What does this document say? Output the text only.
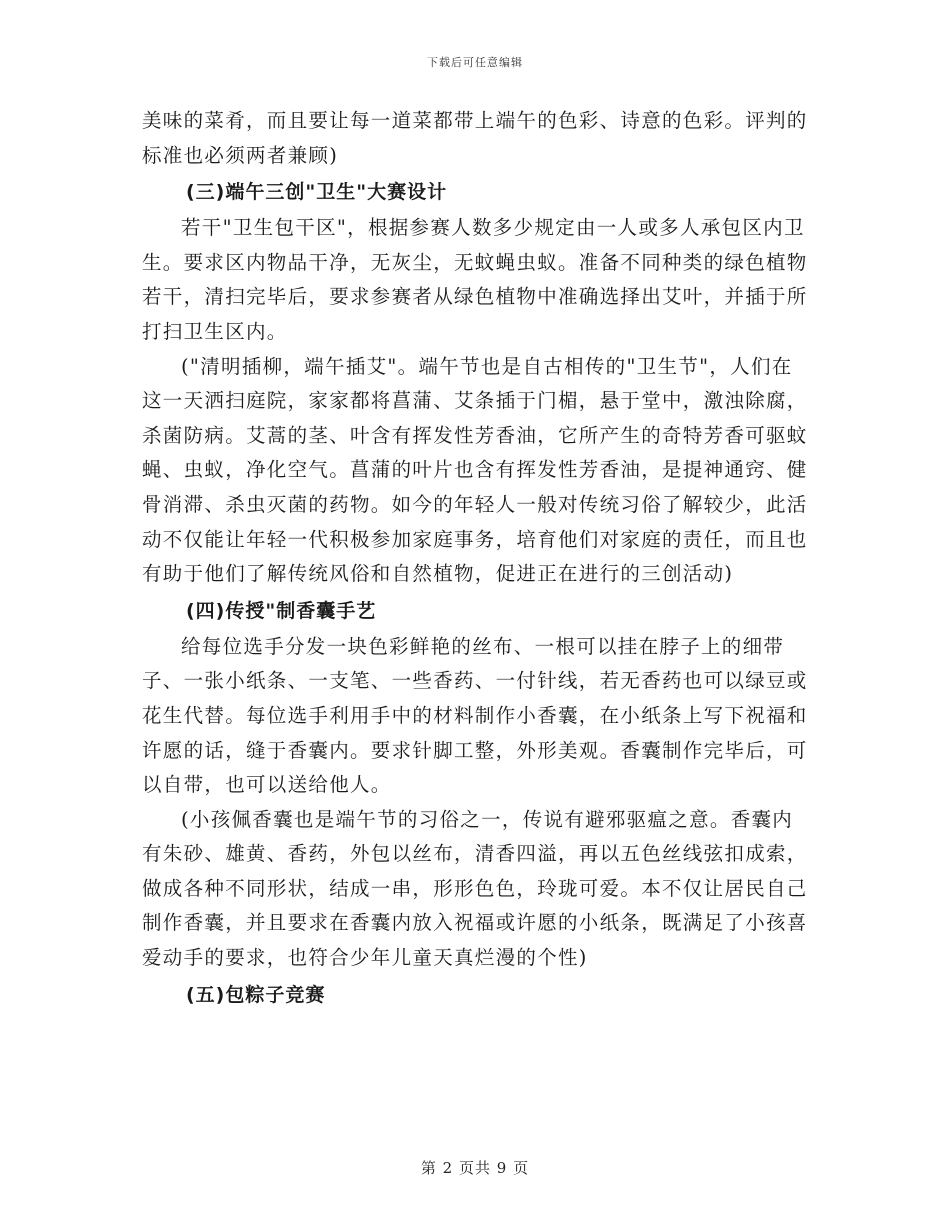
下载后可任意编辑

美味的菜肴，而且要让每一道菜都带上端午的色彩、诗意的色彩。评判的标准也必须两者兼顾)

(三)端午三创"卫生"大赛设计

若干"卫生包干区"，根据参赛人数多少规定由一人或多人承包区内卫生。要求区内物品干净，无灰尘，无蚊蝇虫蚁。准备不同种类的绿色植物若干，清扫完毕后，要求参赛者从绿色植物中准确选择出艾叶，并插于所打扫卫生区内。

("清明插柳，端午插艾"。端午节也是自古相传的"卫生节"，人们在这一天洒扫庭院，家家都将菖蒲、艾条插于门楣，悬于堂中，激浊除腐，杀菌防病。艾蒿的茎、叶含有挥发性芳香油，它所产生的奇特芳香可驱蚊蝇、虫蚁，净化空气。菖蒲的叶片也含有挥发性芳香油，是提神通窍、健骨消滞、杀虫灭菌的药物。如今的年轻人一般对传统习俗了解较少，此活动不仅能让年轻一代积极参加家庭事务，培育他们对家庭的责任，而且也有助于他们了解传统风俗和自然植物，促进正在进行的三创活动)

(四)传授"制香囊手艺

给每位选手分发一块色彩鲜艳的丝布、一根可以挂在脖子上的细带子、一张小纸条、一支笔、一些香药、一付针线，若无香药也可以绿豆或花生代替。每位选手利用手中的材料制作小香囊，在小纸条上写下祝福和许愿的话，缝于香囊内。要求针脚工整，外形美观。香囊制作完毕后，可以自带，也可以送给他人。

(小孩佩香囊也是端午节的习俗之一，传说有避邪驱瘟之意。香囊内有朱砂、雄黄、香药，外包以丝布，清香四溢，再以五色丝线弦扣成索，做成各种不同形状，结成一串，形形色色，玲珑可爱。本不仅让居民自己制作香囊，并且要求在香囊内放入祝福或许愿的小纸条，既满足了小孩喜爱动手的要求，也符合少年儿童天真烂漫的个性)

(五)包粽子竞赛

第 2 页共 9 页
